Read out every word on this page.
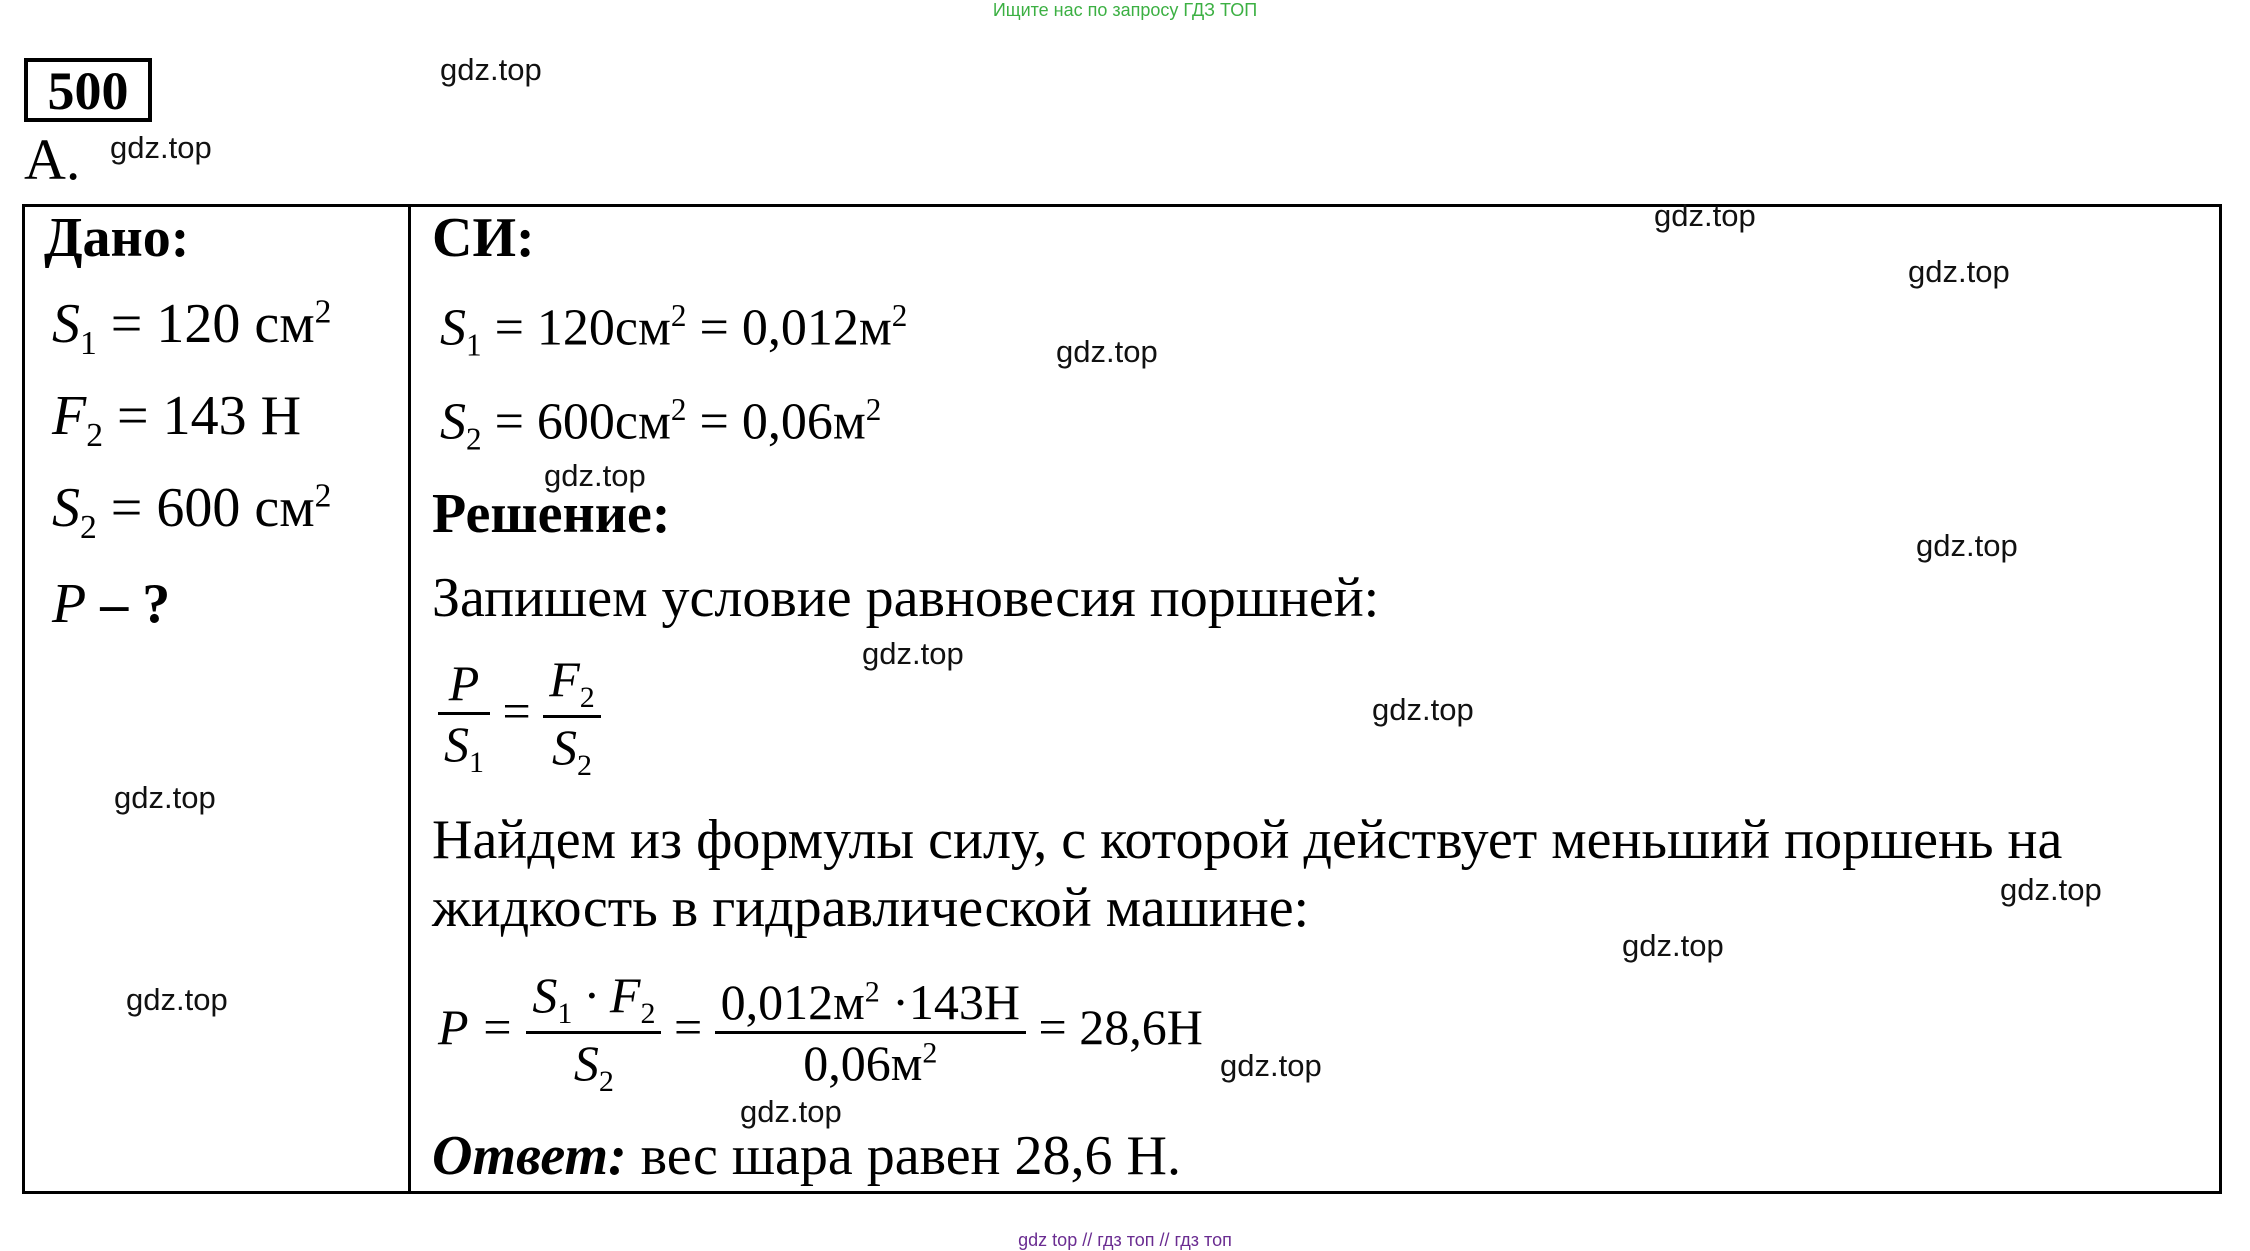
Ищите нас по запросу ГДЗ ТОП
500
А.
Дано:
$S_1 = 120$ $см^2$
$F_2 = 143$ Н
$S_2 = 600$ $см^2$
P – ?
СИ:
$S_1 = 120см^2 = 0,012м^2$
$S_2 = 600см^2 = 0,06м^2$
Решение:
Запишем условие равновесия поршней:
$\frac{P}{S_1} = \frac{F_2}{S_2}$
Найдем из формулы силу, с которой действует меньший поршень на
жидкость в гидравлической машине:
$P = \frac{S_1 \cdot F_2}{S_2} = \frac{0,012м^2 \cdot 143H}{0,06м^2} = 28,6H$
Ответ: вес шара равен 28,6 Н.
gdz.top
gdz.top
gdz.top
gdz.top
gdz.top
gdz.top
gdz.top
gdz.top
gdz.top
gdz.top
gdz.top
gdz.top
gdz.top
gdz.top
gdz.top
gdz top // гдз топ // гдз топ
